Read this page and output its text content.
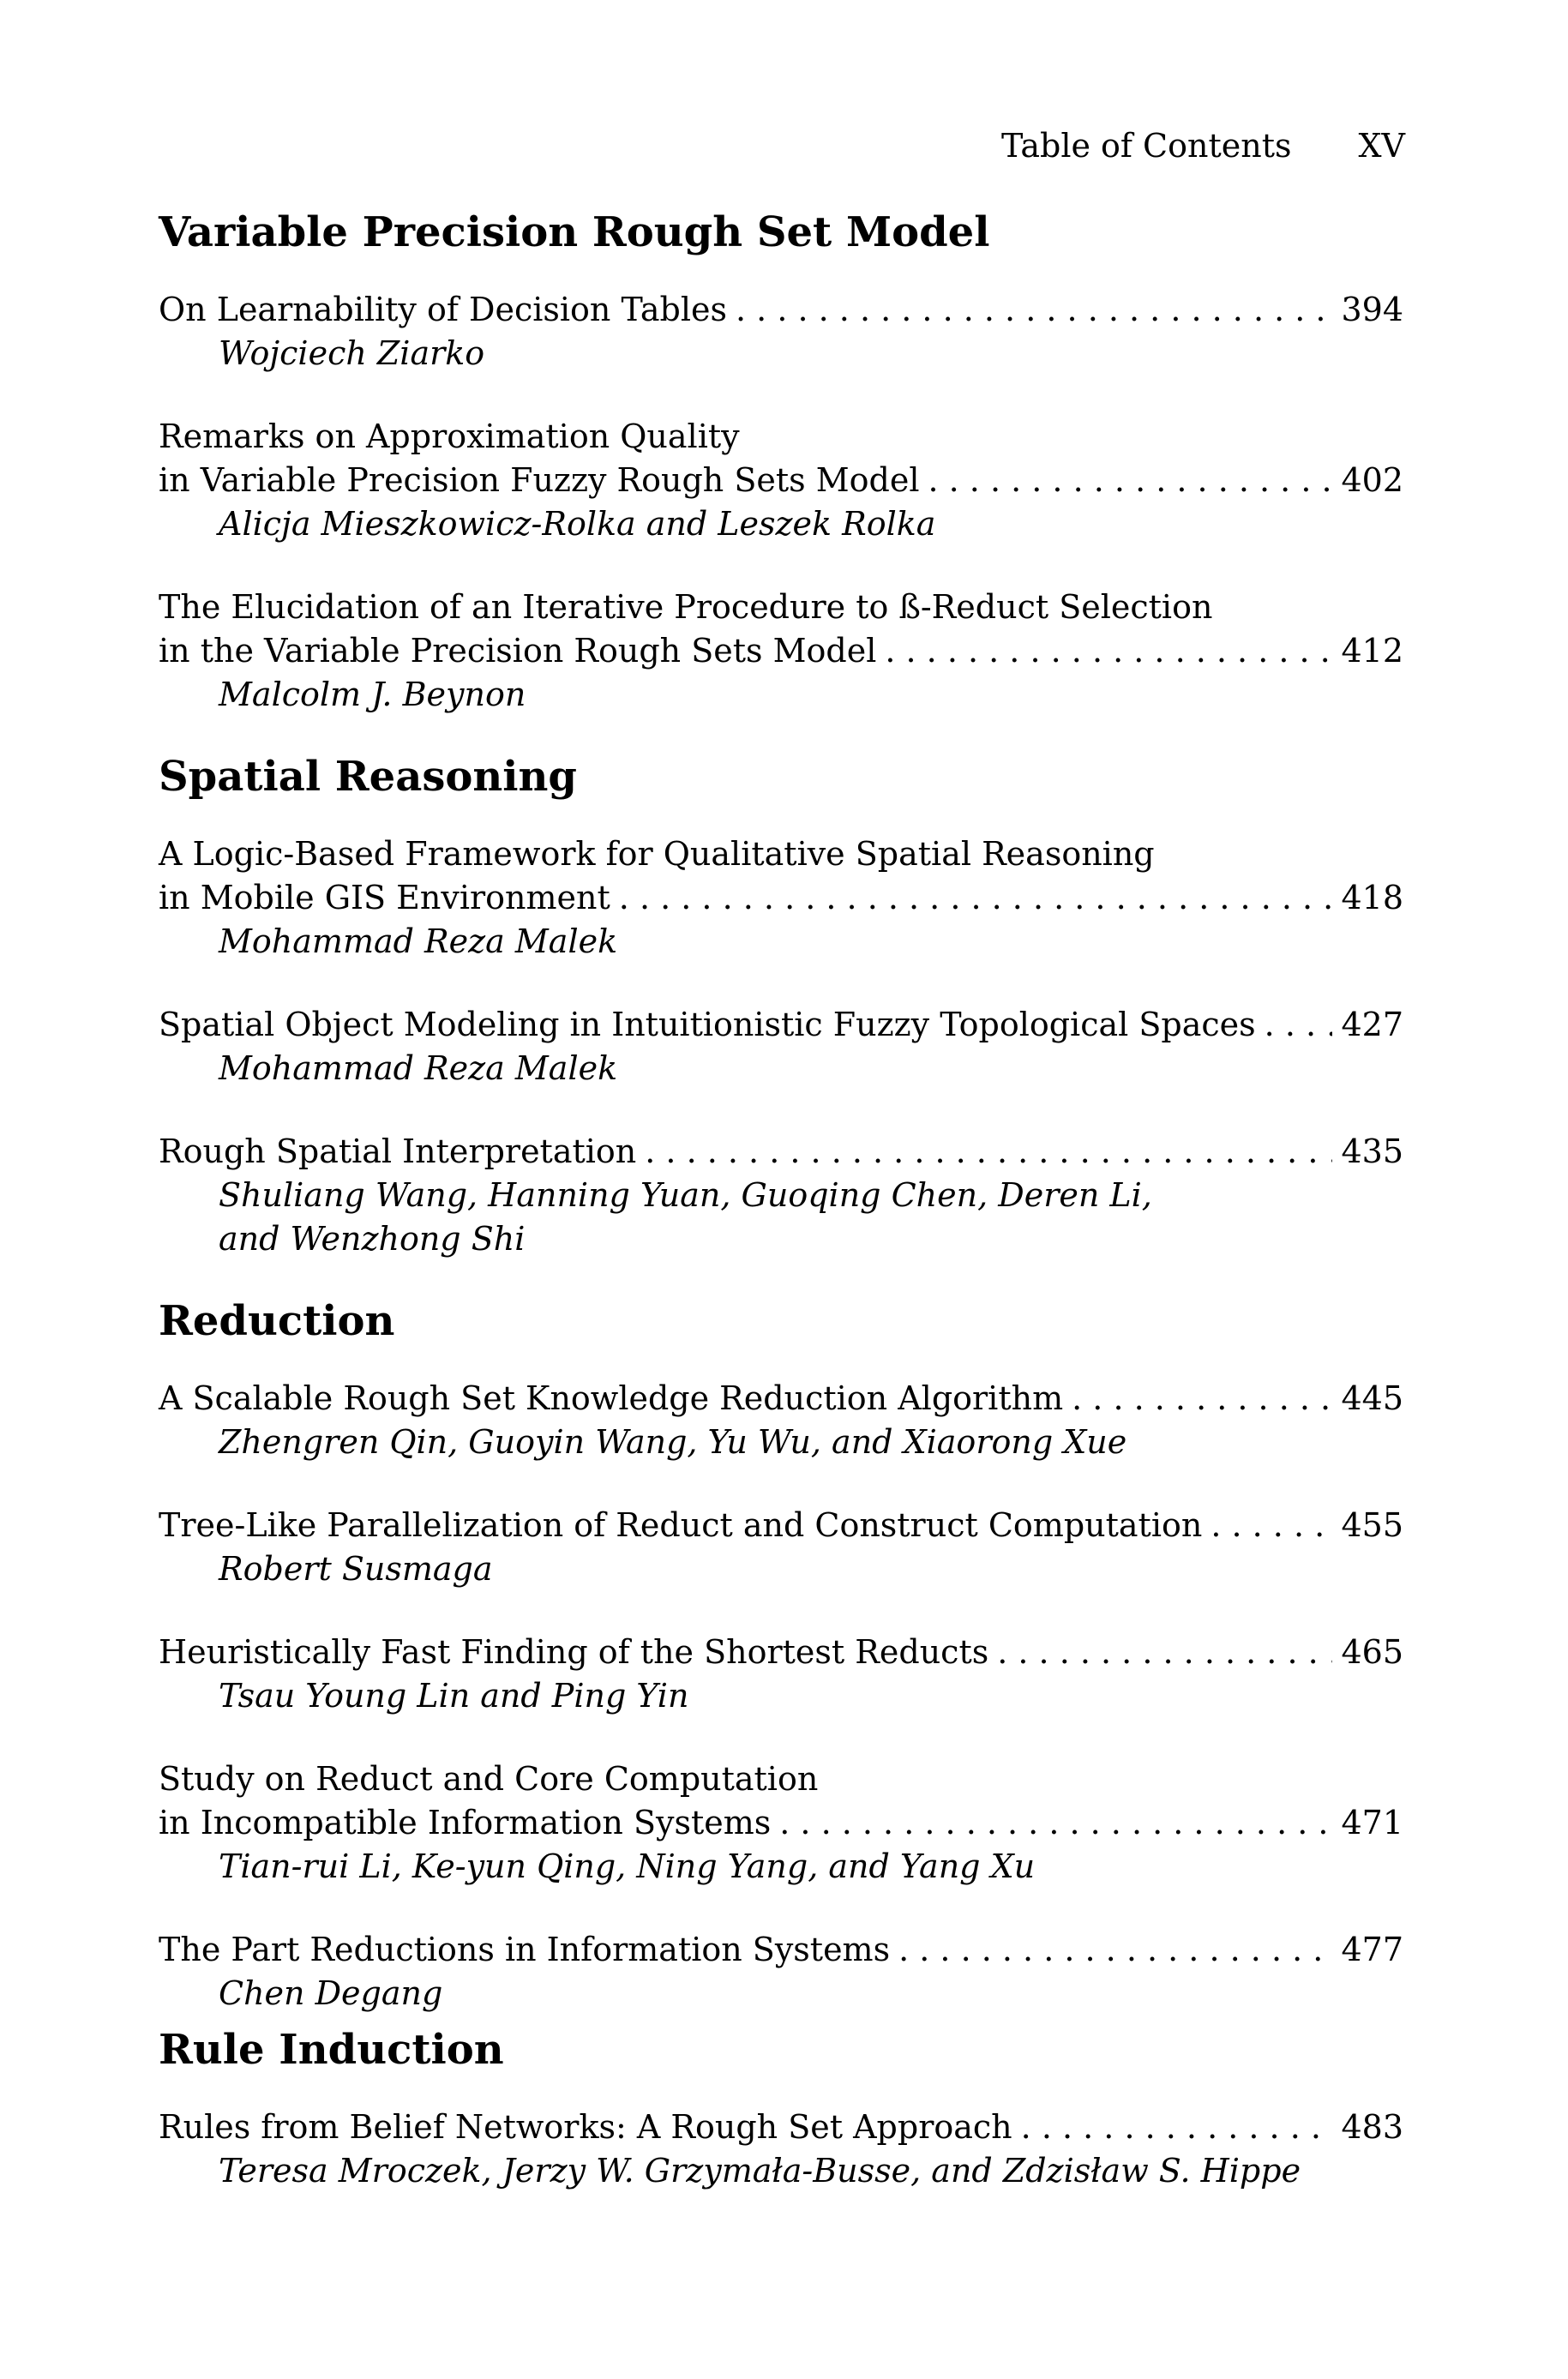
Table of Contents XV
Variable Precision Rough Set Model
On Learnability of Decision Tables . . .	394
Wojciech Ziarko
Remarks on Approximation Quality
in Variable Precision Fuzzy Rough Sets Model . . .	402
Alicja Mieszkowicz-Rolka and Leszek Rolka
The Elucidation of an Iterative Procedure to ß-Reduct Selection
in the Variable Precision Rough Sets Model . . .	412
Malcolm J. Beynon
Spatial Reasoning
A Logic-Based Framework for Qualitative Spatial Reasoning
in Mobile GIS Environment . . .	418
Mohammad Reza Malek
Spatial Object Modeling in Intuitionistic Fuzzy Topological Spaces . . .	427
Mohammad Reza Malek
Rough Spatial Interpretation . . .	435
Shuliang Wang, Hanning Yuan, Guoqing Chen, Deren Li,
and Wenzhong Shi
Reduction
A Scalable Rough Set Knowledge Reduction Algorithm . . .	445
Zhengren Qin, Guoyin Wang, Yu Wu, and Xiaorong Xue
Tree-Like Parallelization of Reduct and Construct Computation . . .	455
Robert Susmaga
Heuristically Fast Finding of the Shortest Reducts . . .	465
Tsau Young Lin and Ping Yin
Study on Reduct and Core Computation
in Incompatible Information Systems . . .	471
Tian-rui Li, Ke-yun Qing, Ning Yang, and Yang Xu
The Part Reductions in Information Systems . . .	477
Chen Degang
Rule Induction
Rules from Belief Networks: A Rough Set Approach . . .	483
Teresa Mroczek, Jerzy W. Grzymała-Busse, and Zdzisław S. Hippe
